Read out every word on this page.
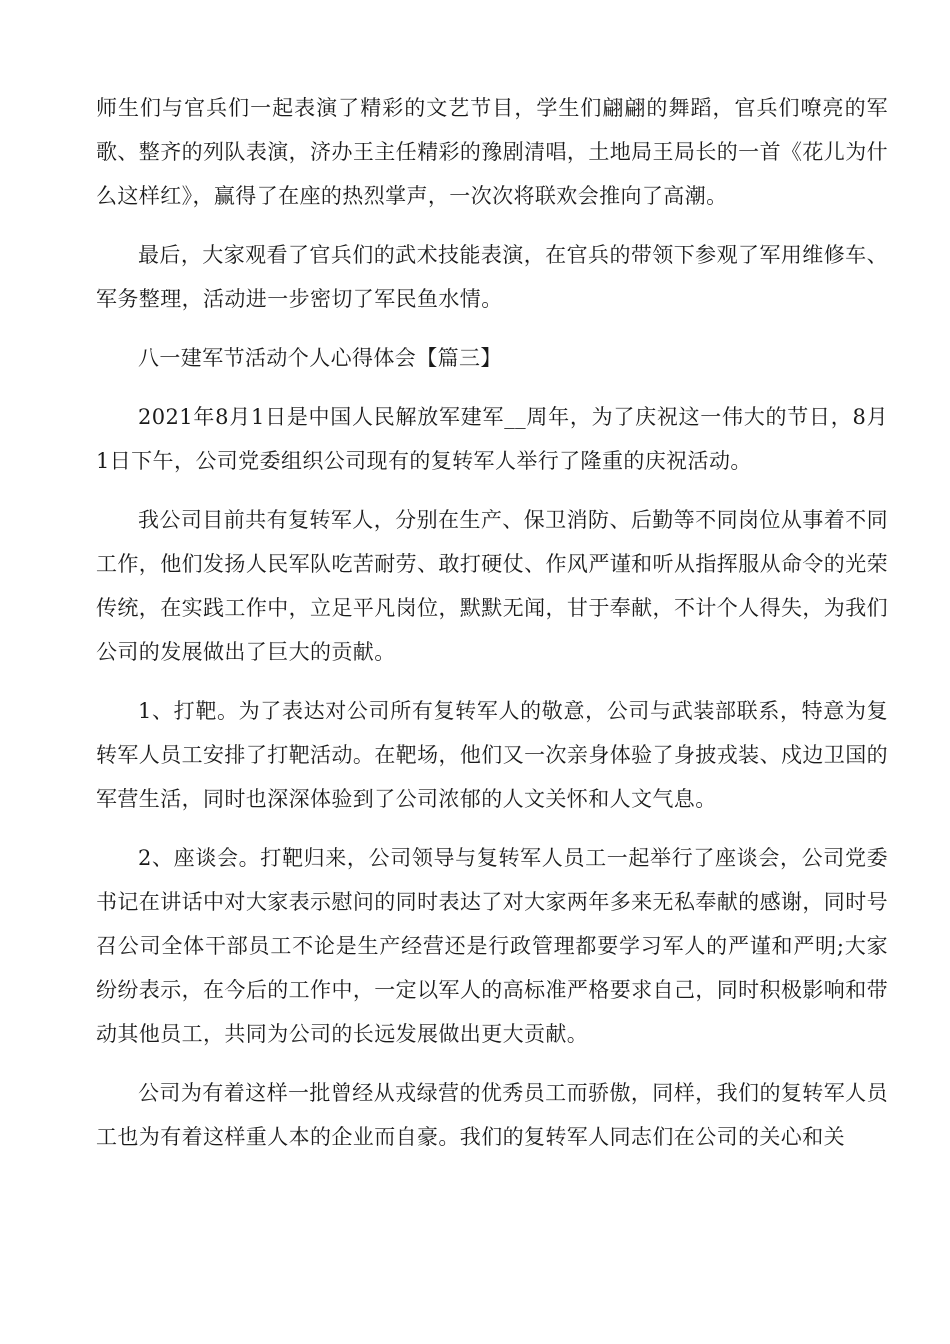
师生们与官兵们一起表演了精彩的文艺节目，学生们翩翩的舞蹈，官兵们嘹亮的军歌、整齐的列队表演，济办王主任精彩的豫剧清唱，土地局王局长的一首《花儿为什么这样红》，赢得了在座的热烈掌声，一次次将联欢会推向了高潮。

最后，大家观看了官兵们的武术技能表演，在官兵的带领下参观了军用维修车、军务整理，活动进一步密切了军民鱼水情。

八一建军节活动个人心得体会【篇三】

2021年8月1日是中国人民解放军建军__周年，为了庆祝这一伟大的节日，8月1日下午，公司党委组织公司现有的复转军人举行了隆重的庆祝活动。

我公司目前共有复转军人，分别在生产、保卫消防、后勤等不同岗位从事着不同工作，他们发扬人民军队吃苦耐劳、敢打硬仗、作风严谨和听从指挥服从命令的光荣传统，在实践工作中，立足平凡岗位，默默无闻，甘于奉献，不计个人得失，为我们公司的发展做出了巨大的贡献。

1、打靶。为了表达对公司所有复转军人的敬意，公司与武装部联系，特意为复转军人员工安排了打靶活动。在靶场，他们又一次亲身体验了身披戎装、戍边卫国的军营生活，同时也深深体验到了公司浓郁的人文关怀和人文气息。

2、座谈会。打靶归来，公司领导与复转军人员工一起举行了座谈会，公司党委书记在讲话中对大家表示慰问的同时表达了对大家两年多来无私奉献的感谢，同时号召公司全体干部员工不论是生产经营还是行政管理都要学习军人的严谨和严明;大家纷纷表示，在今后的工作中，一定以军人的高标准严格要求自己，同时积极影响和带动其他员工，共同为公司的长远发展做出更大贡献。

公司为有着这样一批曾经从戎绿营的优秀员工而骄傲，同样，我们的复转军人员工也为有着这样重人本的企业而自豪。我们的复转军人同志们在公司的关心和关
